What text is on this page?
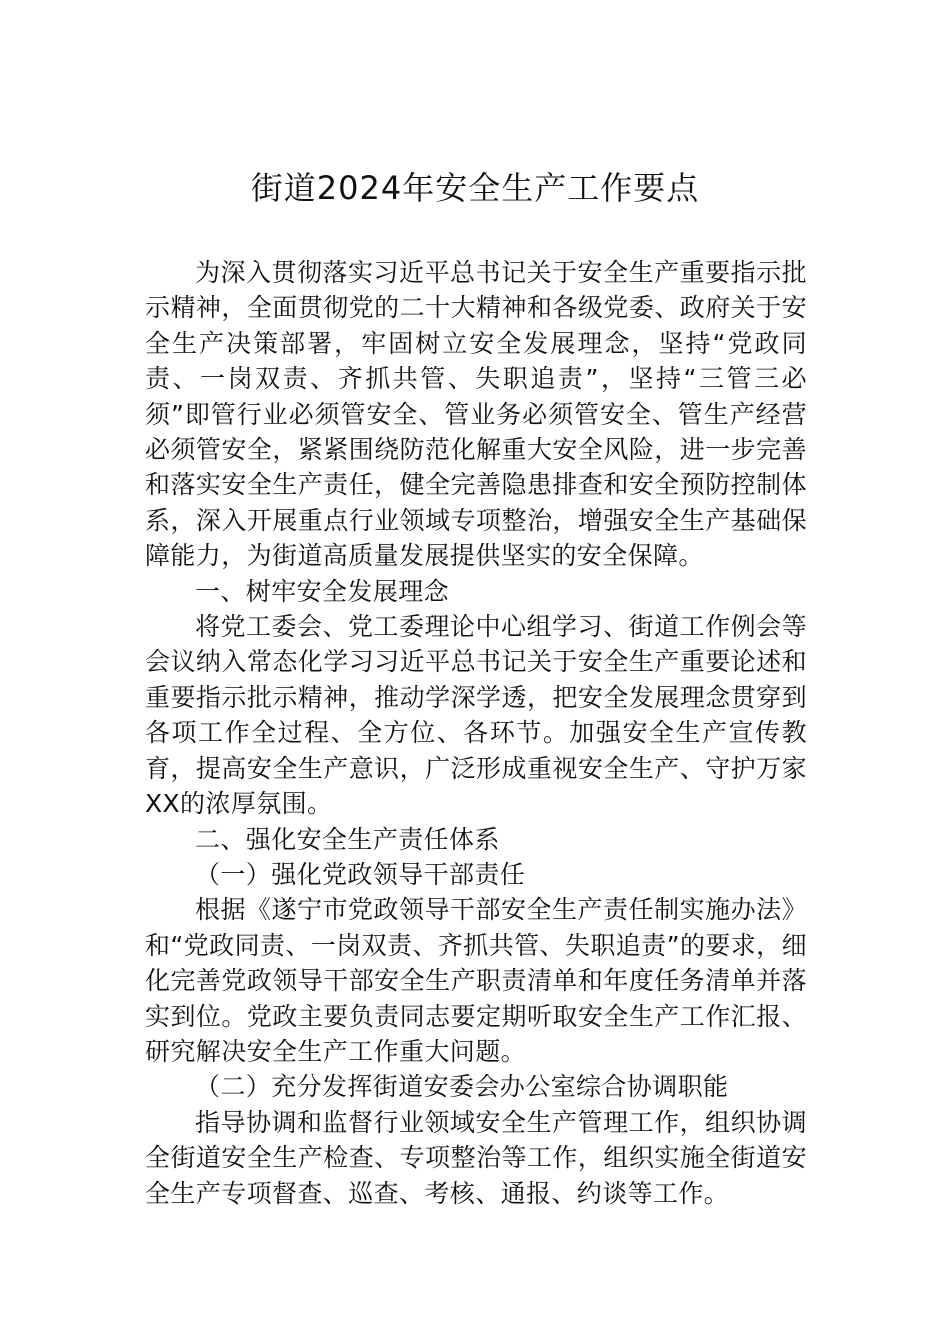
街道2024年安全生产工作要点

为深入贯彻落实习近平总书记关于安全生产重要指示批示精神，全面贯彻党的二十大精神和各级党委、政府关于安全生产决策部署，牢固树立安全发展理念，坚持“党政同责、一岗双责、齐抓共管、失职追责”，坚持“三管三必须”即管行业必须管安全、管业务必须管安全、管生产经营必须管安全，紧紧围绕防范化解重大安全风险，进一步完善和落实安全生产责任，健全完善隐患排查和安全预防控制体系，深入开展重点行业领域专项整治，增强安全生产基础保障能力，为街道高质量发展提供坚实的安全保障。

一、树牢安全发展理念

将党工委会、党工委理论中心组学习、街道工作例会等会议纳入常态化学习习近平总书记关于安全生产重要论述和重要指示批示精神，推动学深学透，把安全发展理念贯穿到各项工作全过程、全方位、各环节。加强安全生产宣传教育，提高安全生产意识，广泛形成重视安全生产、守护万家XX的浓厚氛围。

二、强化安全生产责任体系

（一）强化党政领导干部责任

根据《遂宁市党政领导干部安全生产责任制实施办法》和“党政同责、一岗双责、齐抓共管、失职追责”的要求，细化完善党政领导干部安全生产职责清单和年度任务清单并落实到位。党政主要负责同志要定期听取安全生产工作汇报、研究解决安全生产工作重大问题。

（二）充分发挥街道安委会办公室综合协调职能

指导协调和监督行业领域安全生产管理工作，组织协调全街道安全生产检查、专项整治等工作，组织实施全街道安全生产专项督查、巡查、考核、通报、约谈等工作。
